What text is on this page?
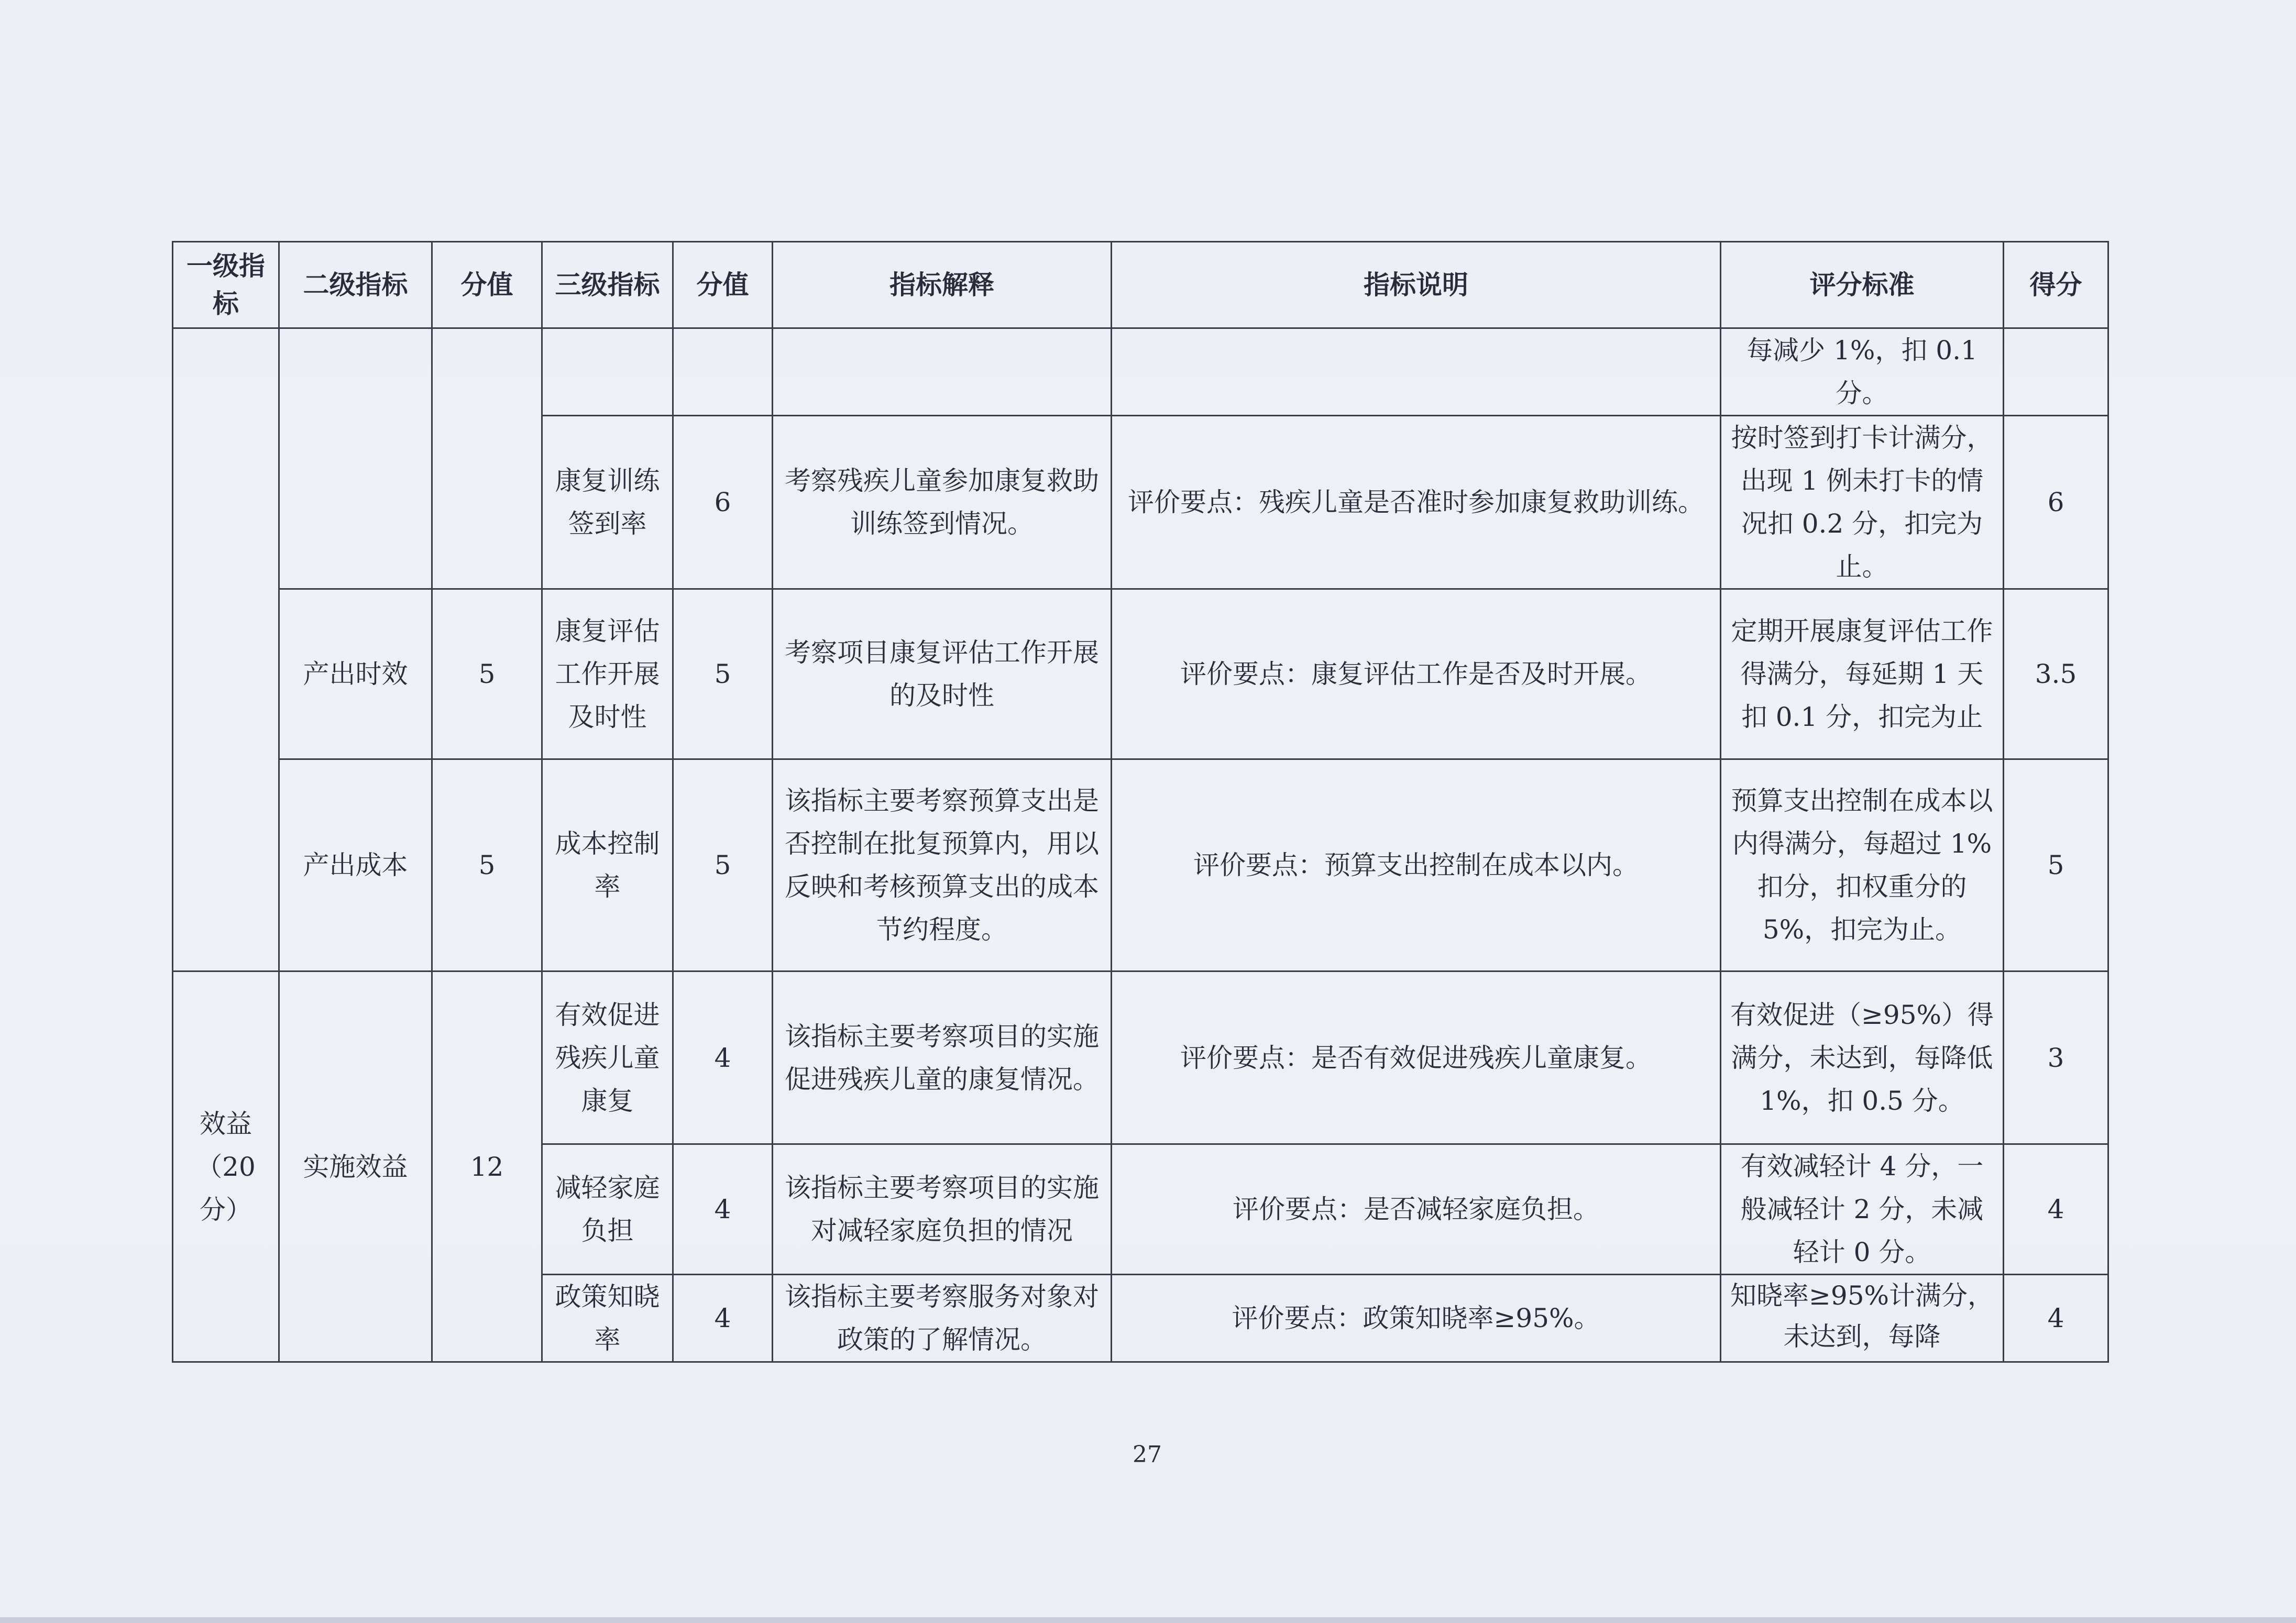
一级指标	二级指标	分值	三级指标	分值	指标解释	指标说明	评分标准	得分
							每减少 1%，扣 0.1 分。	
			康复训练签到率	6	考察残疾儿童参加康复救助训练签到情况。	评价要点：残疾儿童是否准时参加康复救助训练。	按时签到打卡计满分，出现 1 例未打卡的情况扣 0.2 分，扣完为止。	6
	产出时效	5	康复评估工作开展及时性	5	考察项目康复评估工作开展的及时性	评价要点：康复评估工作是否及时开展。	定期开展康复评估工作得满分，每延期 1 天扣 0.1 分，扣完为止	3.5
	产出成本	5	成本控制率	5	该指标主要考察预算支出是否控制在批复预算内，用以反映和考核预算支出的成本节约程度。	评价要点：预算支出控制在成本以内。	预算支出控制在成本以内得满分，每超过 1%扣分，扣权重分的 5%，扣完为止。	5
效益（20 分）	实施效益	12	有效促进残疾儿童康复	4	该指标主要考察项目的实施促进残疾儿童的康复情况。	评价要点：是否有效促进残疾儿童康复。	有效促进（≥95%）得满分，未达到，每降低 1%，扣 0.5 分。	3
			减轻家庭负担	4	该指标主要考察项目的实施对减轻家庭负担的情况	评价要点：是否减轻家庭负担。	有效减轻计 4 分，一般减轻计 2 分，未减轻计 0 分。	4
			政策知晓率	4	该指标主要考察服务对象对政策的了解情况。	评价要点：政策知晓率≥95%。	知晓率≥95%计满分，未达到，每降	4
27
